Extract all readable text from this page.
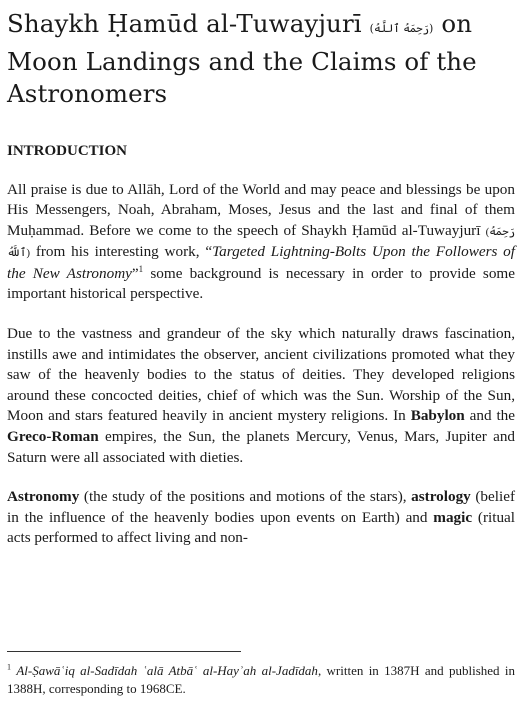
Shaykh Ḥamūd al-Tuwayjurī (رَحِمَهُ ٱللَّهُ) on Moon Landings and the Claims of the Astronomers
INTRODUCTION

All praise is due to Allāh, Lord of the World and may peace and blessings be upon His Messengers, Noah, Abraham, Moses, Jesus and the last and final of them Muḥammad. Before we come to the speech of Shaykh Ḥamūd al-Tuwayjurī (رَحِمَهُ ٱللَّهُ) from his interesting work, “Targeted Lightning-Bolts Upon the Followers of the New Astronomy”$^1$ some background is necessary in order to provide some important historical perspective.

Due to the vastness and grandeur of the sky which naturally draws fascination, instills awe and intimidates the observer, ancient civilizations promoted what they saw of the heavenly bodies to the status of deities. They developed religions around these concocted deities, chief of which was the Sun. Worship of the Sun, Moon and stars featured heavily in ancient mystery religions. In Babylon and the Greco-Roman empires, the Sun, the planets Mercury, Venus, Mars, Jupiter and Saturn were all associated with dieties.

Astronomy (the study of the positions and motions of the stars), astrology (belief in the influence of the heavenly bodies upon events on Earth) and magic (ritual acts performed to affect living and non-

$^1$ Al-Ṣawāʿiq al-Sadīdah ʿalā Atbāʿ al-Hayʾah al-Jadīdah, written in 1387H and published in 1388H, corresponding to 1968CE.
